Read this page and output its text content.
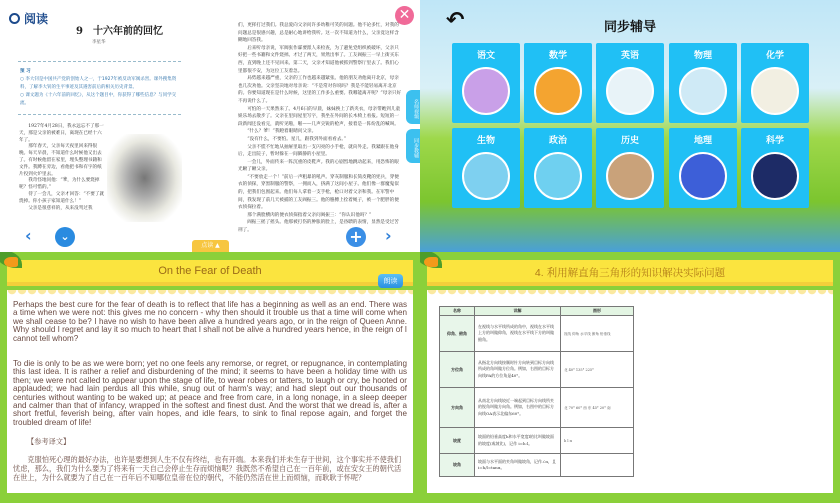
阅读
9　十六年前的回忆
李星华
预 习
○ 李大钊是中国共产党的创始人之一，于1927年被反动军阀杀害。课外搜集资料，了解李大钊的生平事迹及其遇害前后的相关历史背景。
○ 课文题为《十六年前的回忆》，从这个题目中，你获得了哪些信息？与同学交流。

1927年4月28日，我永远忘不了那一天，那是父亲的被难日，离现在已经十六年了。

那年春天，父亲每天夜里回来得很晚。每天早晨，不知道什么时候他又出去了。有时候他留在家里，埋头整理书籍和文件。我蹲在旁边，看他把书和有字的纸片投到火炉里去。

我奇怪地问他：“爹，为什么要烧掉呢？怪可惜的。”

待了一会儿，父亲才回答：“不要了就烧掉。你小孩子家知道什么！”

父亲是很慈祥的，从来没骂过我

们，更挥打过我们。我总爱向父亲问许多幼稚可笑的问题。他不论多忙，对我的问题总是很感兴趣，总是耐心地讲给我听。这一次不知道为什么，父亲竟这样含糊地回答我。

后来听母亲说，军阀张作霖要派人来检查，为了避免党组织被破坏，父亲只好把一些书籍和文件烧掉。才过了两天，果然出事了。工友阎振三一早上街买东西，直到晚上还不见回来。第二天，父亲才知道他被抓到警察厅里去了。我们心里都很不安，为这位工友着急。

局势越来越严重，父亲的工作也越来越紧张。他的朋友劝他离开北京，母亲也几次劝他。父亲坚决地对母亲说：“不是常对你说吗？我是不能轻易离开北京的。你要知道现在是什么时候，这里的工作多么重要。我哪能离开呢？”母亲只好不再说什么了。

可怕的一天果然来了。4月6日的早晨，妹妹换上了新夹衣，母亲带她到儿童娱乐场去散步了。父亲在里间屋里写字，我坐在外间的长木椅上看报。短短的一段新闻还没看完，就听见啪，啪——几声尖锐的枪声，接着是一阵纷乱的喊叫。

“什么？爹！”我瞪着眼睛问父亲。

“没有什么，不要怕。星儿，跟我到外面看看去。”

父亲不慌不忙地从抽屉里取出一支闪亮的小手枪，就向外走。我紧跟在他身后，走出院子，暂时躲在一间僻静的小屋里。

一会儿，外面传来一阵沉重的皮鞋声。我的心剧烈地跳动起来，用恐怖的眼光瞅了瞅父亲。

“不要放走一个！”前后一声粗暴的吼声。穿灰制服和长筒皮靴的宪兵，穿便衣的侦探，穿黑制服的警察，一拥而入，挤满了这间小屋子。他们像一群魔鬼似的，把我们包围起来。他们每人拿着一支手枪，枪口对着父亲和我。在军警中间，我发现了前几天被捕的工友阎振三。他的胳膊上拴着绳子，被一个肥胖的便衣侦探拉着。

那个满脸横肉的便衣侦探指着父亲问阎振三：“你认识他吗？”

阎振三摇了摇头。他那被打伤的肿胀的脸上，是昏聩的表情，显然是受过苦刑了。

✕
名师视频
同步教辅
‹	⌄	+ ›
点读 ▲
↶	同步辅导
语文	数学	英语	物理	化学
生物	政治	历史	地理	科学
On the Fear of Death
朗读

Perhaps the best cure for the fear of death is to reflect that life has a beginning as well as an end. There was a time when we were not: this gives me no concern - why then should it trouble us that a time will come when we shall cease to be? I have no wish to have been alive a hundred years ago, or in the reign of Queen Anne. Why should I regret and lay it so much to heart that I shall not be alive a hundred years hence, in the reign of I cannot tell whom?

To die is only to be as we were born; yet no one feels any remorse, or regret, or repugnance, in contemplating this last idea. It is rather a relief and disburdening of the mind; it seems to have been a holiday time with us then; we were not called to appear upon the stage of life, to wear robes or tatters, to laugh or cry, be hooted or applauded; we had lain perdus all this while, snug out of harm's way; and had slept out our thousands of centuries without wanting to be waked up; at peace and free from care, in a long nonage, in a sleep deeper and calmer than that of infancy, wrapped in the softest and finest dust. And the worst that we dread is, after a short fretful, feverish being, after vain hopes, and idle fears, to sink to final repose again, and forget the troubled dream of life!

【参考译文】

克服怕死心理的最好办法，也许是要想到人生不仅有终结，也有开端。本来我们并未生存于世间，这个事实并不使我们忧虑，那么，我们为什么要为了将来有一天自己会停止生存而烦恼呢？我既然不希望自己在一百年前，或在安女王的朝代活在世上，为什么就要为了自己在一百年后不知哪位皇帝在位的朝代，不能仍然活在世上而烦恼，而耿耿于怀呢？

4. 利用解直角三角形的知识解决实际问题
名称	详解	图形
仰角、俯角	在视线与水平线所成的角中，视线在水平线上方的叫做仰角，视线在水平线下方的叫做俯角。	视线 仰角 水平线 俯角 铅垂线
方位角	从指北方向线按顺时针方向转到目标方向线所成的角叫做方位角。例如，右图的目标方向线PA的方位角是40°。	北 40° 135° 225°
方向角	从南北方向线较近一端起到目标方向线所夹的锐角叫做方向角。例如，右图中的目标方向线OA表示北偏东60°。	北 70° 60° 西 东 45° 20° 南
坡度	坡面的铅垂高度h和水平宽度l的比叫做坡面的坡度(或坡比)，记作 i=h:l。	h l α
坡角	坡面与水平面的夹角叫做坡角，记作∠α，且 i=h/l=tanα。	
